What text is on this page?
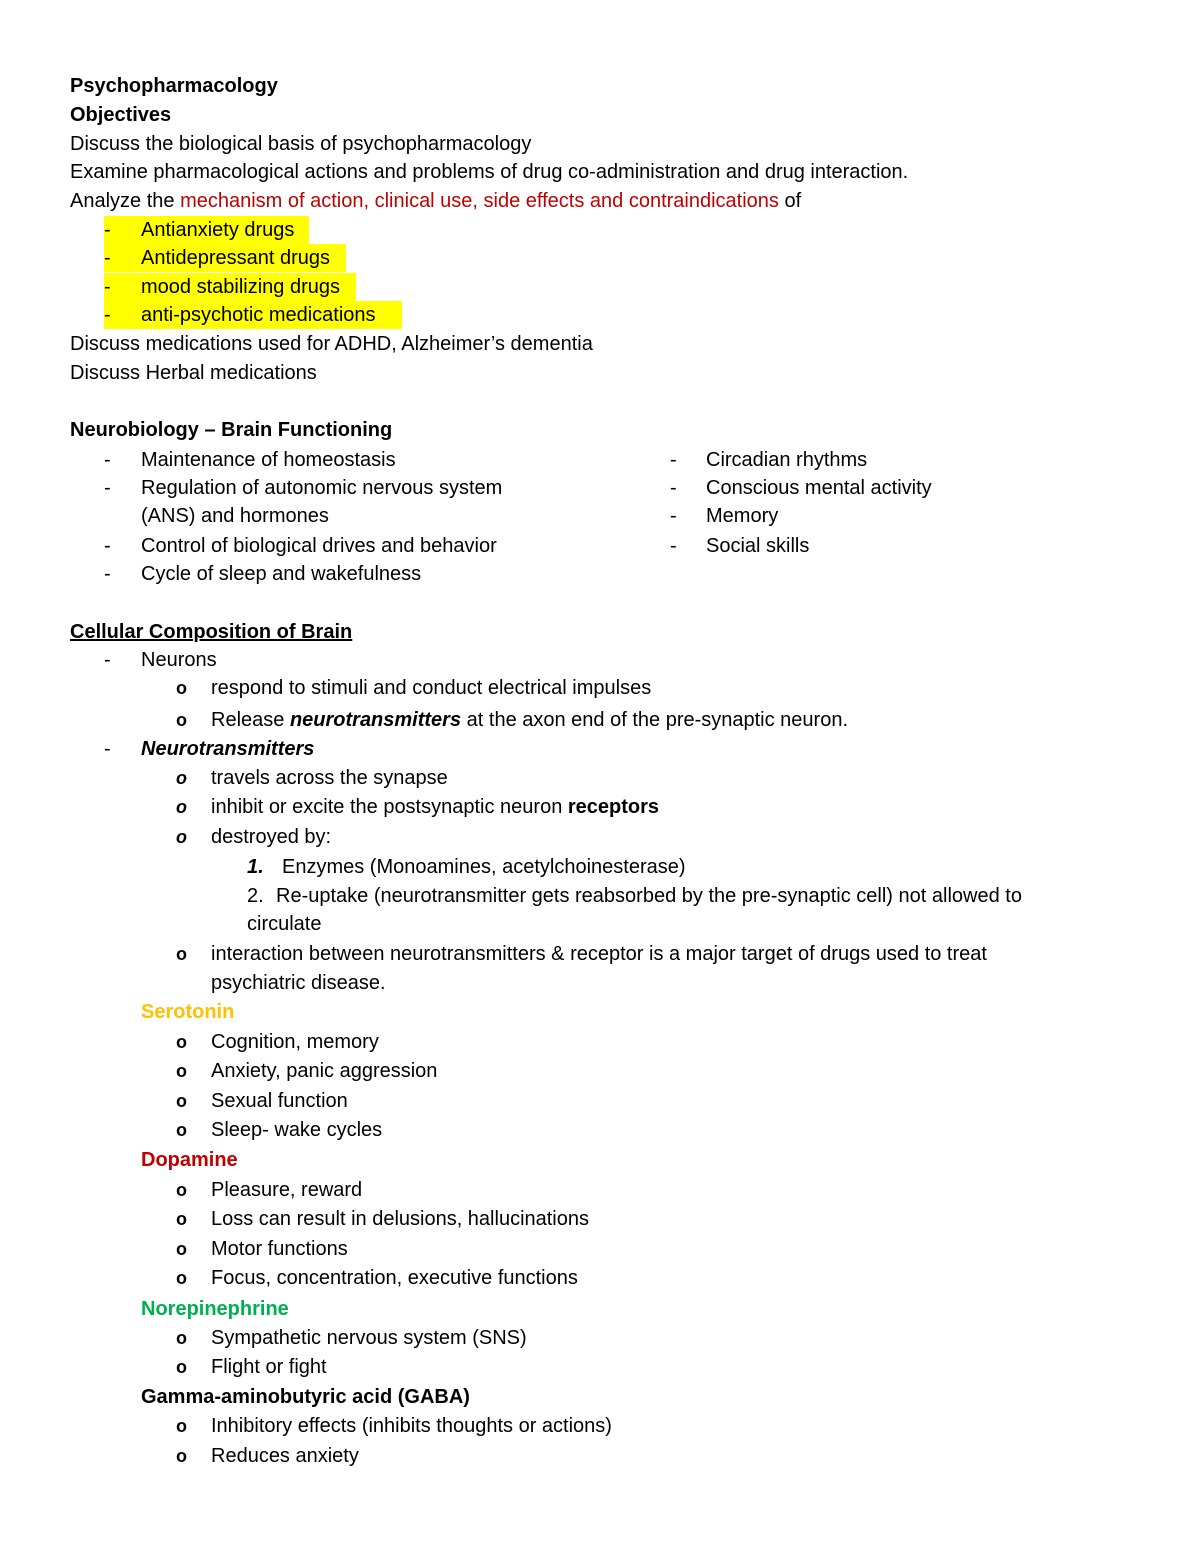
Psychopharmacology
Objectives
Discuss the biological basis of psychopharmacology
Examine pharmacological actions and problems of drug co-administration and drug interaction.
Analyze the mechanism of action, clinical use, side effects and contraindications of
- Antianxiety drugs
- Antidepressant drugs
- mood stabilizing drugs
- anti-psychotic medications
Discuss medications used for ADHD, Alzheimer’s dementia
Discuss Herbal medications
Neurobiology – Brain Functioning
- Maintenance of homeostasis
- Regulation of autonomic nervous system
(ANS) and hormones
- Control of biological drives and behavior
- Cycle of sleep and wakefulness
- Circadian rhythms
- Conscious mental activity
- Memory
- Social skills
Cellular Composition of Brain
- Neurons
o respond to stimuli and conduct electrical impulses
o Release neurotransmitters at the axon end of the pre-synaptic neuron.
- Neurotransmitters
o travels across the synapse
o inhibit or excite the postsynaptic neuron receptors
o destroyed by:
1. Enzymes (Monoamines, acetylchoinesterase)
2. Re-uptake (neurotransmitter gets reabsorbed by the pre-synaptic cell) not allowed to
circulate
o interaction between neurotransmitters & receptor is a major target of drugs used to treat
psychiatric disease.
Serotonin
o Cognition, memory
o Anxiety, panic aggression
o Sexual function
o Sleep- wake cycles
Dopamine
o Pleasure, reward
o Loss can result in delusions, hallucinations
o Motor functions
o Focus, concentration, executive functions
Norepinephrine
o Sympathetic nervous system (SNS)
o Flight or fight
Gamma-aminobutyric acid (GABA)
o Inhibitory effects (inhibits thoughts or actions)
o Reduces anxiety
